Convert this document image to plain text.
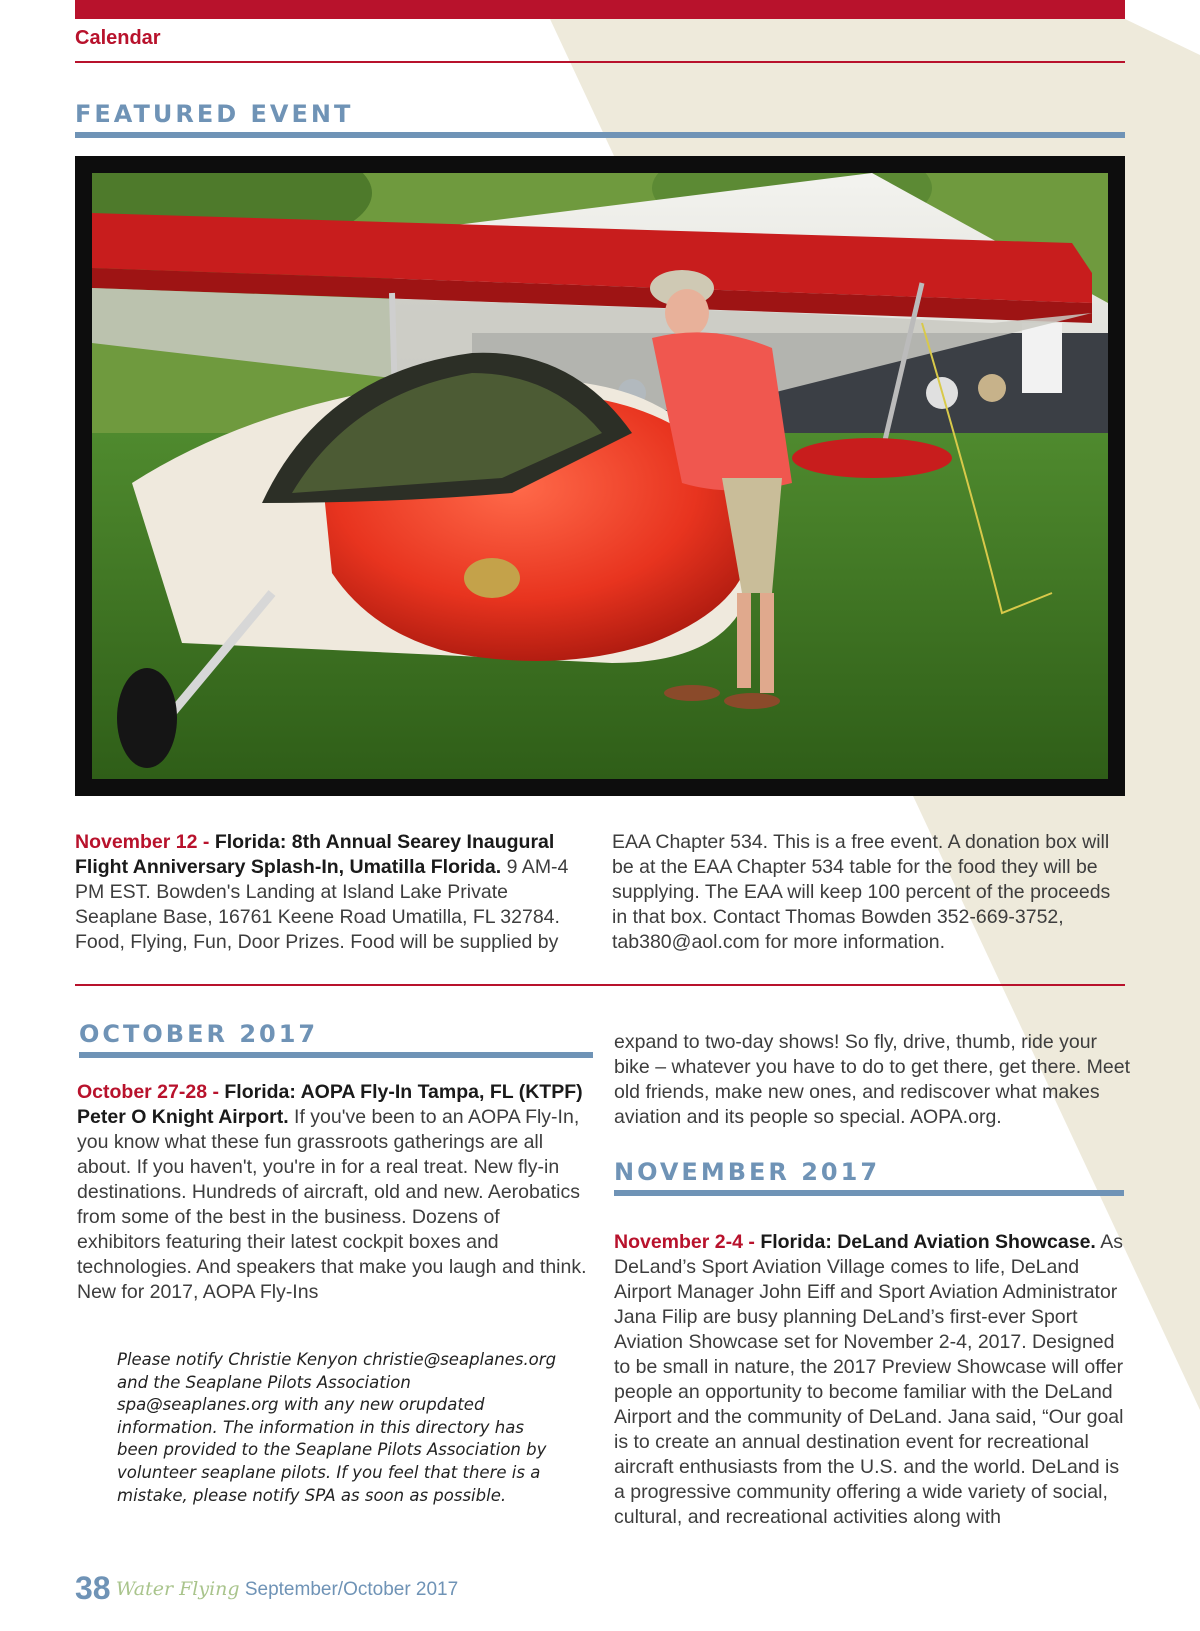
Calendar
FEATURED EVENT
November 12 - Florida: 8th Annual Searey Inaugural Flight Anniversary Splash-In, Umatilla Florida. 9 AM-4 PM EST. Bowden's Landing at Island Lake Private Seaplane Base, 16761 Keene Road Umatilla, FL 32784. Food, Flying, Fun, Door Prizes. Food will be supplied by
EAA Chapter 534. This is a free event. A donation box will be at the EAA Chapter 534 table for the food they will be supplying. The EAA will keep 100 percent of the proceeds in that box. Contact Thomas Bowden 352-669-3752, tab380@aol.com for more information.
OCTOBER 2017
October 27-28 - Florida: AOPA Fly-In Tampa, FL (KTPF) Peter O Knight Airport. If you've been to an AOPA Fly-In, you know what these fun grassroots gatherings are all about. If you haven't, you're in for a real treat. New fly-in destinations. Hundreds of aircraft, old and new. Aerobatics from some of the best in the business. Dozens of exhibitors featuring their latest cockpit boxes and technologies. And speakers that make you laugh and think. New for 2017, AOPA Fly-Ins
Please notify Christie Kenyon christie@seaplanes.org and the Seaplane Pilots Association spa@seaplanes.org with any new orupdated information. The information in this directory has been provided to the Seaplane Pilots Association by volunteer seaplane pilots. If you feel that there is a mistake, please notify SPA as soon as possible.
expand to two-day shows! So fly, drive, thumb, ride your bike – whatever you have to do to get there, get there. Meet old friends, make new ones, and rediscover what makes aviation and its people so special. AOPA.org.
NOVEMBER 2017
November 2-4 - Florida: DeLand Aviation Showcase. As DeLand’s Sport Aviation Village comes to life, DeLand Airport Manager John Eiff and Sport Aviation Administrator Jana Filip are busy planning DeLand’s first-ever Sport Aviation Showcase set for November 2-4, 2017. Designed to be small in nature, the 2017 Preview Showcase will offer people an opportunity to become familiar with the DeLand Airport and the community of DeLand. Jana said, “Our goal is to create an annual destination event for recreational aircraft enthusiasts from the U.S. and the world. DeLand is a progressive community offering a wide variety of social, cultural, and recreational activities along with
38 Water Flying September/October 2017
